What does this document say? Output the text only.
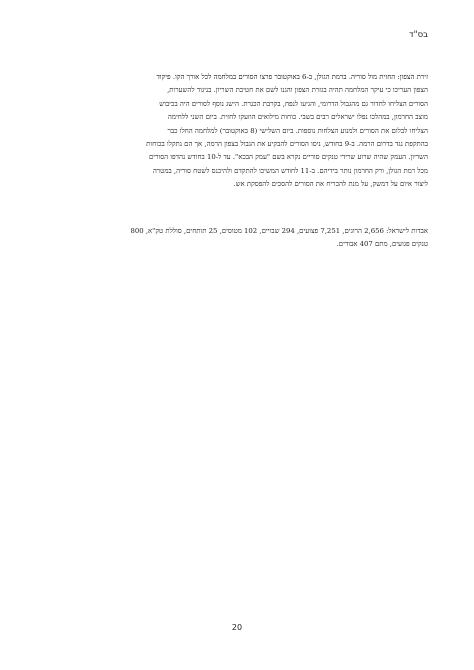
בס"ד
זירת הצפון: החזית מול סוריה. ברמת הגולן, ב-6 באוקטובר פרצו הסורים במלחמה לכל אורך הקו. פיקוד
הצפון העריכו כי עיקר המלחמה תהיה בגזרת הצפון והגנו לשם את חטיבת השריון. בניגוד להשערות,
הסורים הצליחו לחדור גם מהגבול הדרומי, והגיעו לנפח, בקרבת הכנרת. הישג נוסף לסורים היה בכיבוש
מוצב החרמון, במהלכו נפלו ישראלים רבים בשבי. כוחות מילואים הוזעקו לחזית. ביום השני ללחימה
הצליחו לבלום את הסורים ולמנוע הצלחות נוספות. ביום השלישי (8 באוקטובר) למלחמה החלו כבר
בהתקפת נגד בדרום הרמה. ב-9 בחודש, ניסו הסורים להבקיע את הגבול בצפון הרמה, אך הם נתקלו בכוחות
השריון. העמק שהיה שרוע שרידי טנקים סוריים נקרא בשם "עמק הבכא". עד ל-10 בחודש נהדפו הסורים
מכל רמת הגולן, ורק החרמון נותר בידיהם. ב-11 לחודש המשיכו להתקדם ולהיכנס לשטח סוריה, במטרה
ליצור איום על דמשק, על מנת להכריח את הסורים להסכים להפסקת אש.
אבדות לישראל: 2,656 הרוגים, 7,251 פצועים, 294 שבויים, 102 מטוסים, 25 תותחים, סוללת טק"א, 800
טנקים פגועים, מתם 407 אבודים.
20
